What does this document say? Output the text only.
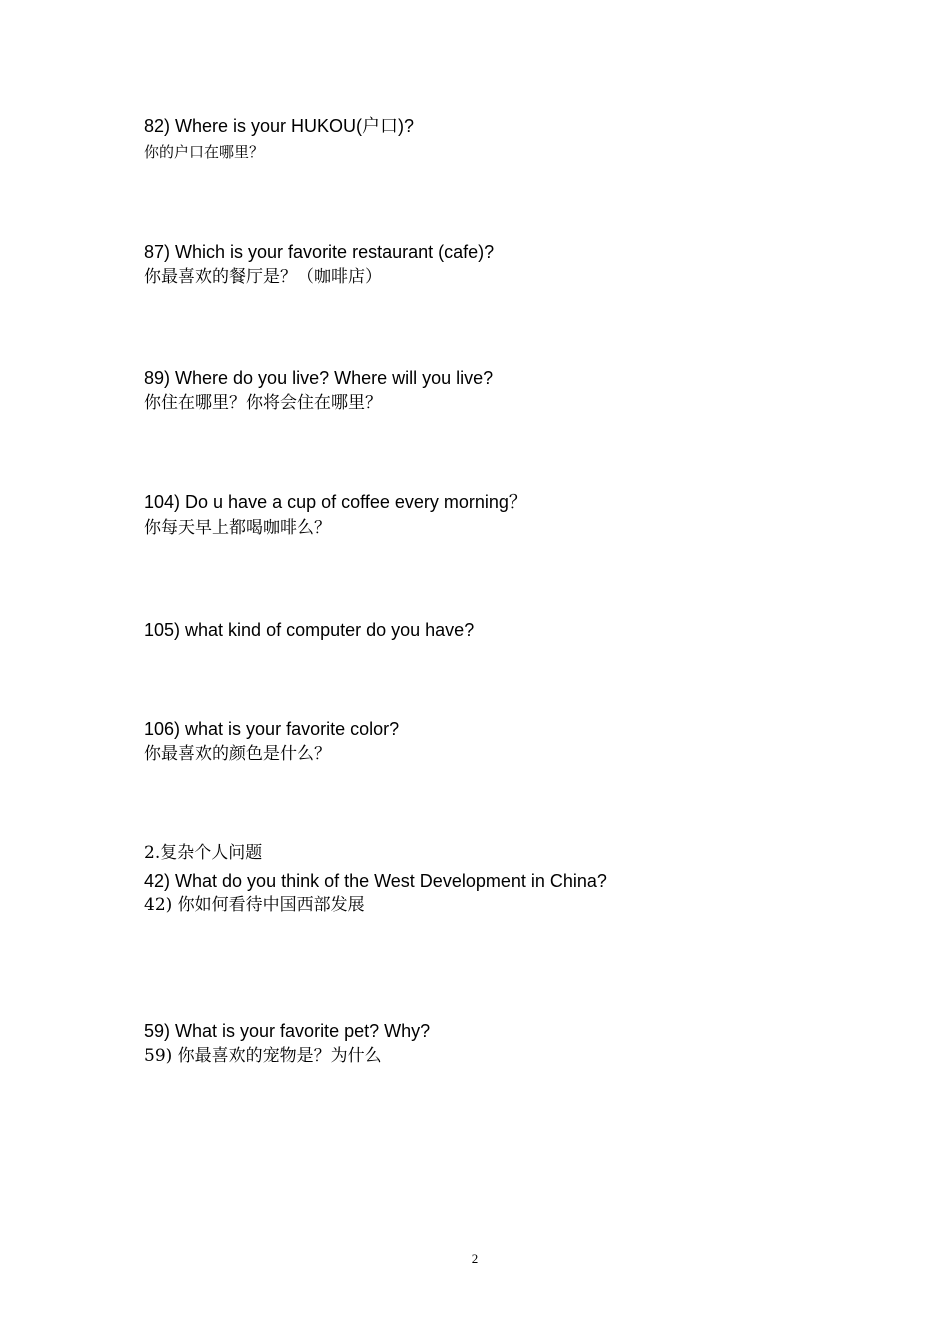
82) Where is your HUKOU(户口)?
你的户口在哪里？
87) Which is your favorite restaurant (cafe)?
你最喜欢的餐厅是？（咖啡店）
89) Where do you live? Where will you live?
你住在哪里？你将会住在哪里？
104) Do u have a cup of coffee every morning？
你每天早上都喝咖啡么？
105) what kind of computer do you have?
106) what is your favorite color?
你最喜欢的颜色是什么？
2.复杂个人问题
42) What do you think of the West Development in China?
42) 你如何看待中国西部发展
59) What is your favorite pet? Why?
59) 你最喜欢的宠物是？为什么
2
